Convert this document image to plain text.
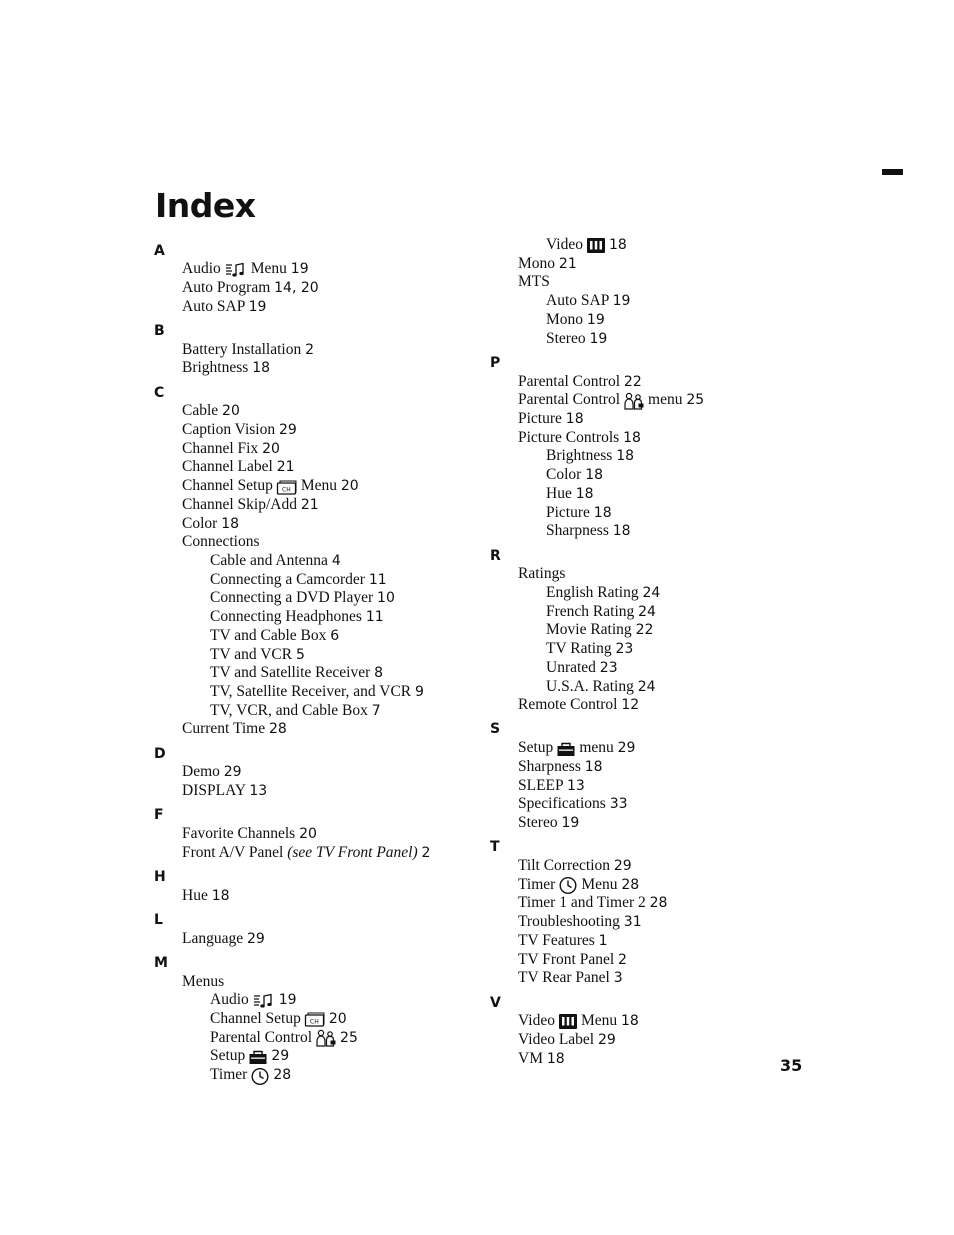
Index
A
Audio Menu 19
Auto Program 14, 20
Auto SAP 19
B
Battery Installation 2
Brightness 18
C
Cable 20
Caption Vision 29
Channel Fix 20
Channel Label 21
Channel Setup CH Menu 20
Channel Skip/Add 21
Color 18
Connections
Cable and Antenna 4
Connecting a Camcorder 11
Connecting a DVD Player 10
Connecting Headphones 11
TV and Cable Box 6
TV and VCR 5
TV and Satellite Receiver 8
TV, Satellite Receiver, and VCR 9
TV, VCR, and Cable Box 7
Current Time 28
D
Demo 29
DISPLAY 13
F
Favorite Channels 20
Front A/V Panel (see TV Front Panel) 2
H
Hue 18
L
Language 29
M
Menus
Audio 19
Channel Setup CH 20
Parental Control 25
Setup 29
Timer 28
Video 18
Mono 21
MTS
Auto SAP 19
Mono 19
Stereo 19
P
Parental Control 22
Parental Control menu 25
Picture 18
Picture Controls 18
Brightness 18
Color 18
Hue 18
Picture 18
Sharpness 18
R
Ratings
English Rating 24
French Rating 24
Movie Rating 22
TV Rating 23
Unrated 23
U.S.A. Rating 24
Remote Control 12
S
Setup menu 29
Sharpness 18
SLEEP 13
Specifications 33
Stereo 19
T
Tilt Correction 29
Timer Menu 28
Timer 1 and Timer 2 28
Troubleshooting 31
TV Features 1
TV Front Panel 2
TV Rear Panel 3
V
Video Menu 18
Video Label 29
VM 18	35
